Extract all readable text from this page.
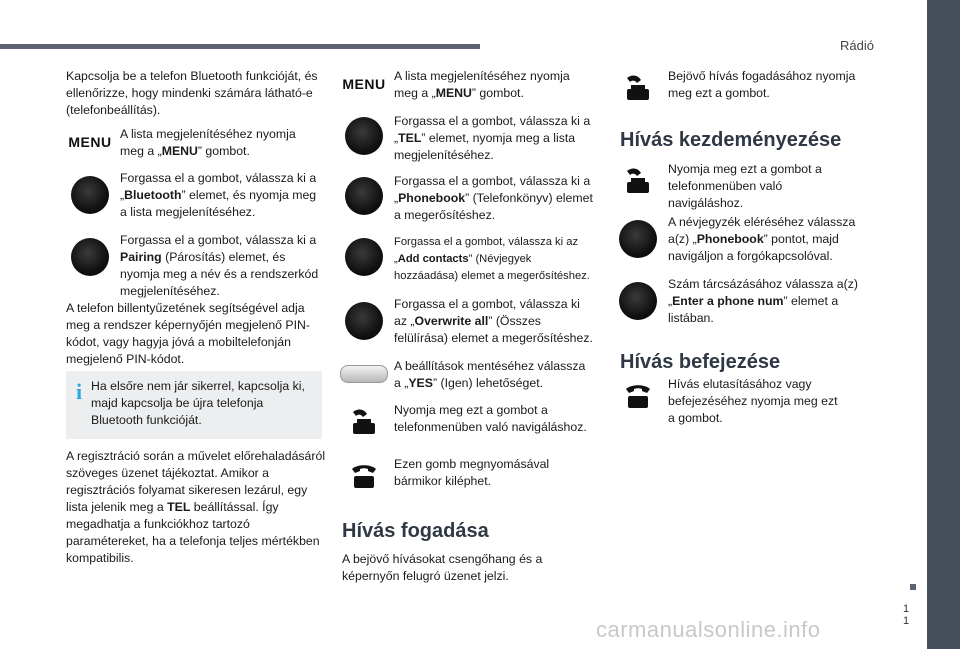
Rádió
1
1
carmanualsonline.info

Kapcsolja be a telefon Bluetooth funkcióját, és ellenőrizze, hogy mindenki számára látható-e (telefonbeállítás).

MENU A lista megjelenítéséhez nyomja meg a „MENU” gombot.
Forgassa el a gombot, válassza ki a „Bluetooth” elemet, és nyomja meg a lista megjelenítéséhez.
Forgassa el a gombot, válassza ki a Pairing (Párosítás) elemet, és nyomja meg a név és a rendszerkód megjelenítéséhez.

A telefon billentyűzetének segítségével adja meg a rendszer képernyőjén megjelenő PIN-kódot, vagy hagyja jóvá a mobiltelefonján megjelenő PIN-kódot.

i Ha elsőre nem jár sikerrel, kapcsolja ki, majd kapcsolja be újra telefonja Bluetooth funkcióját.

A regisztráció során a művelet előrehaladásáról szöveges üzenet tájékoztat. Amikor a regisztrációs folyamat sikeresen lezárul, egy lista jelenik meg a TEL beállítással. Így megadhatja a funkciókhoz tartozó paramétereket, ha a telefonja teljes mértékben kompatibilis.

MENU A lista megjelenítéséhez nyomja meg a „MENU” gombot.
Forgassa el a gombot, válassza ki a „TEL” elemet, nyomja meg a lista megjelenítéséhez.
Forgassa el a gombot, válassza ki a „Phonebook” (Telefonkönyv) elemet a megerősítéshez.
Forgassa el a gombot, válassza ki az „Add contacts” (Névjegyek hozzáadása) elemet a megerősítéshez.
Forgassa el a gombot, válassza ki az „Overwrite all” (Összes felülírása) elemet a megerősítéshez.
A beállítások mentéséhez válassza a „YES” (Igen) lehetőséget.
Nyomja meg ezt a gombot a telefonmenüben való navigáláshoz.
Ezen gomb megnyomásával bármikor kiléphet.
Hívás fogadása

A bejövő hívásokat csengőhang és a képernyőn felugró üzenet jelzi.

Bejövő hívás fogadásához nyomja meg ezt a gombot.
Hívás kezdeményezése
Nyomja meg ezt a gombot a telefonmenüben való navigáláshoz.
A névjegyzék eléréséhez válassza a(z) „Phonebook” pontot, majd navigáljon a forgókapcsolóval.
Szám tárcsázásához válassza a(z) „Enter a phone num” elemet a listában.
Hívás befejezése
Hívás elutasításához vagy befejezéséhez nyomja meg ezt a gombot.
